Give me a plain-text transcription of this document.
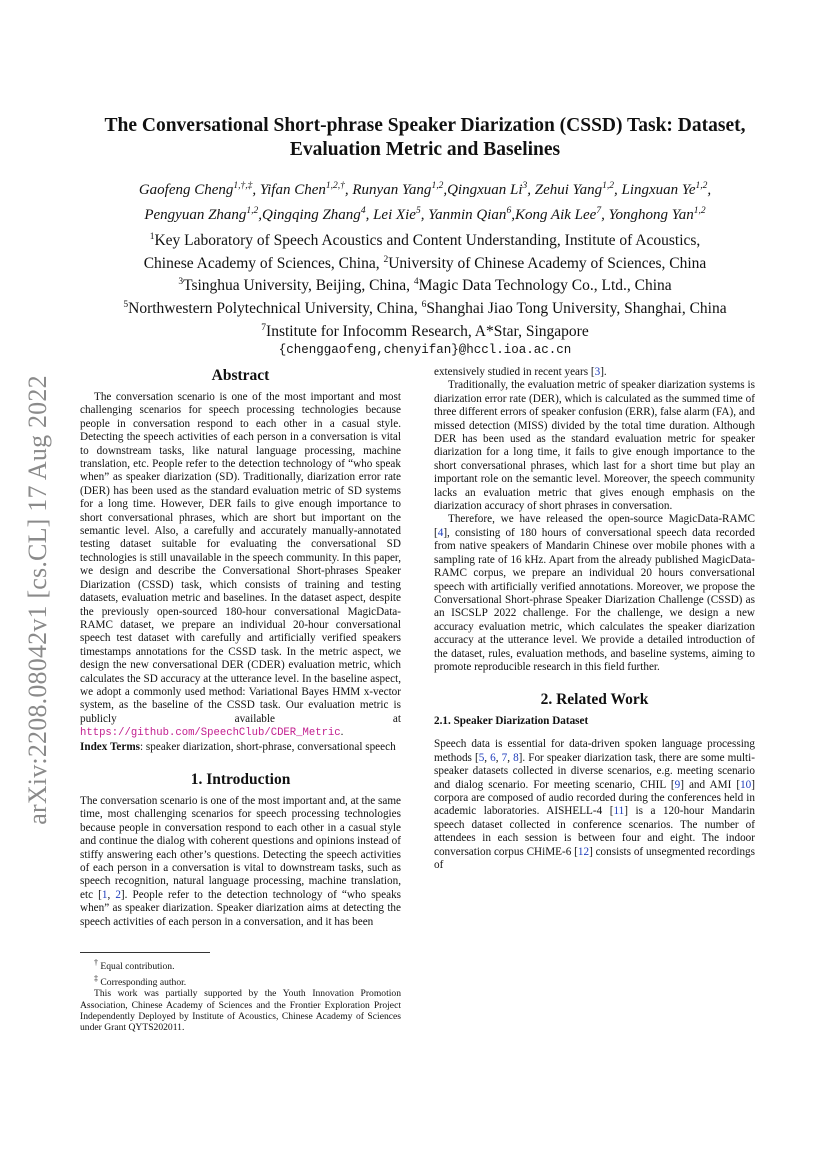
arXiv:2208.08042v1 [cs.CL] 17 Aug 2022
The Conversational Short-phrase Speaker Diarization (CSSD) Task: Dataset,
Evaluation Metric and Baselines
Gaofeng Cheng$^{1,\dagger,\ddagger}$, Yifan Chen$^{1,2,\dagger}$, Runyan Yang$^{1,2}$,Qingxuan Li$^3$, Zehui Yang$^{1,2}$, Lingxuan Ye$^{1,2}$,
Pengyuan Zhang$^{1,2}$,Qingqing Zhang$^4$, Lei Xie$^5$, Yanmin Qian$^6$,Kong Aik Lee$^7$, Yonghong Yan$^{1,2}$
$^1$Key Laboratory of Speech Acoustics and Content Understanding, Institute of Acoustics,
Chinese Academy of Sciences, China, $^2$University of Chinese Academy of Sciences, China
$^3$Tsinghua University, Beijing, China, $^4$Magic Data Technology Co., Ltd., China
$^5$Northwestern Polytechnical University, China, $^6$Shanghai Jiao Tong University, Shanghai, China
$^7$Institute for Infocomm Research, A*Star, Singapore
{chenggaofeng,chenyifan}@hccl.ioa.ac.cn
Abstract

The conversation scenario is one of the most important and most challenging scenarios for speech processing technologies because people in conversation respond to each other in a casual style. Detecting the speech activities of each person in a conversation is vital to downstream tasks, like natural language processing, machine translation, etc. People refer to the detection technology of “who speak when” as speaker diarization (SD). Traditionally, diarization error rate (DER) has been used as the standard evaluation metric of SD systems for a long time. However, DER fails to give enough importance to short conversational phrases, which are short but important on the semantic level. Also, a carefully and accurately manually-annotated testing dataset suitable for evaluating the conversational SD technologies is still unavailable in the speech community. In this paper, we design and describe the Conversational Short-phrases Speaker Diarization (CSSD) task, which consists of training and testing datasets, evaluation metric and baselines. In the dataset aspect, despite the previously open-sourced 180-hour conversational MagicData-RAMC dataset, we prepare an individual 20-hour conversational speech test dataset with carefully and artificially verified speakers timestamps annotations for the CSSD task. In the metric aspect, we design the new conversational DER (CDER) evaluation metric, which calculates the SD accuracy at the utterance level. In the baseline aspect, we adopt a commonly used method: Variational Bayes HMM x-vector system, as the baseline of the CSSD task. Our evaluation metric is publicly available at https://github.com/SpeechClub/CDER_Metric.

Index Terms: speaker diarization, short-phrase, conversational speech

1. Introduction

The conversation scenario is one of the most important and, at the same time, most challenging scenarios for speech processing technologies because people in conversation respond to each other in a casual style and continue the dialog with coherent questions and opinions instead of stiffy answering each other’s questions. Detecting the speech activities of each person in a conversation is vital to downstream tasks, such as speech recognition, natural language processing, machine translation, etc [1, 2]. People refer to the detection technology of “who speaks when” as speaker diarization. Speaker diarization aims at detecting the speech activities of each person in a conversation, and it has been

extensively studied in recent years [3].

Traditionally, the evaluation metric of speaker diarization systems is diarization error rate (DER), which is calculated as the summed time of three different errors of speaker confusion (ERR), false alarm (FA), and missed detection (MISS) divided by the total time duration. Although DER has been used as the standard evaluation metric for speaker diarization for a long time, it fails to give enough importance to the short conversational phrases, which last for a short time but play an important role on the semantic level. Moreover, the speech community lacks an evaluation metric that gives enough emphasis on the diarization accuracy of short phrases in conversation.

Therefore, we have released the open-source MagicData-RAMC [4], consisting of 180 hours of conversational speech data recorded from native speakers of Mandarin Chinese over mobile phones with a sampling rate of 16 kHz. Apart from the already published MagicData-RAMC corpus, we prepare an individual 20 hours conversational speech with artificially verified annotations. Moreover, we propose the Conversational Short-phrase Speaker Diarization Challenge (CSSD) as an ISCSLP 2022 challenge. For the challenge, we design a new accuracy evaluation metric, which calculates the speaker diarization accuracy at the utterance level. We provide a detailed introduction of the dataset, rules, evaluation methods, and baseline systems, aiming to promote reproducible research in this field further.

2. Related Work
2.1. Speaker Diarization Dataset

Speech data is essential for data-driven spoken language processing methods [5, 6, 7, 8]. For speaker diarization task, there are some multi-speaker datasets collected in diverse scenarios, e.g. meeting scenario and dialog scenario. For meeting scenario, CHIL [9] and AMI [10] corpora are composed of audio recorded during the conferences held in academic laboratories. AISHELL-4 [11] is a 120-hour Mandarin speech dataset collected in conference scenarios. The number of attendees in each session is between four and eight. The indoor conversation corpus CHiME-6 [12] consists of unsegmented recordings of

† Equal contribution.

‡ Corresponding author.

This work was partially supported by the Youth Innovation Promotion Association, Chinese Academy of Sciences and the Frontier Exploration Project Independently Deployed by Institute of Acoustics, Chinese Academy of Sciences under Grant QYTS202011.
